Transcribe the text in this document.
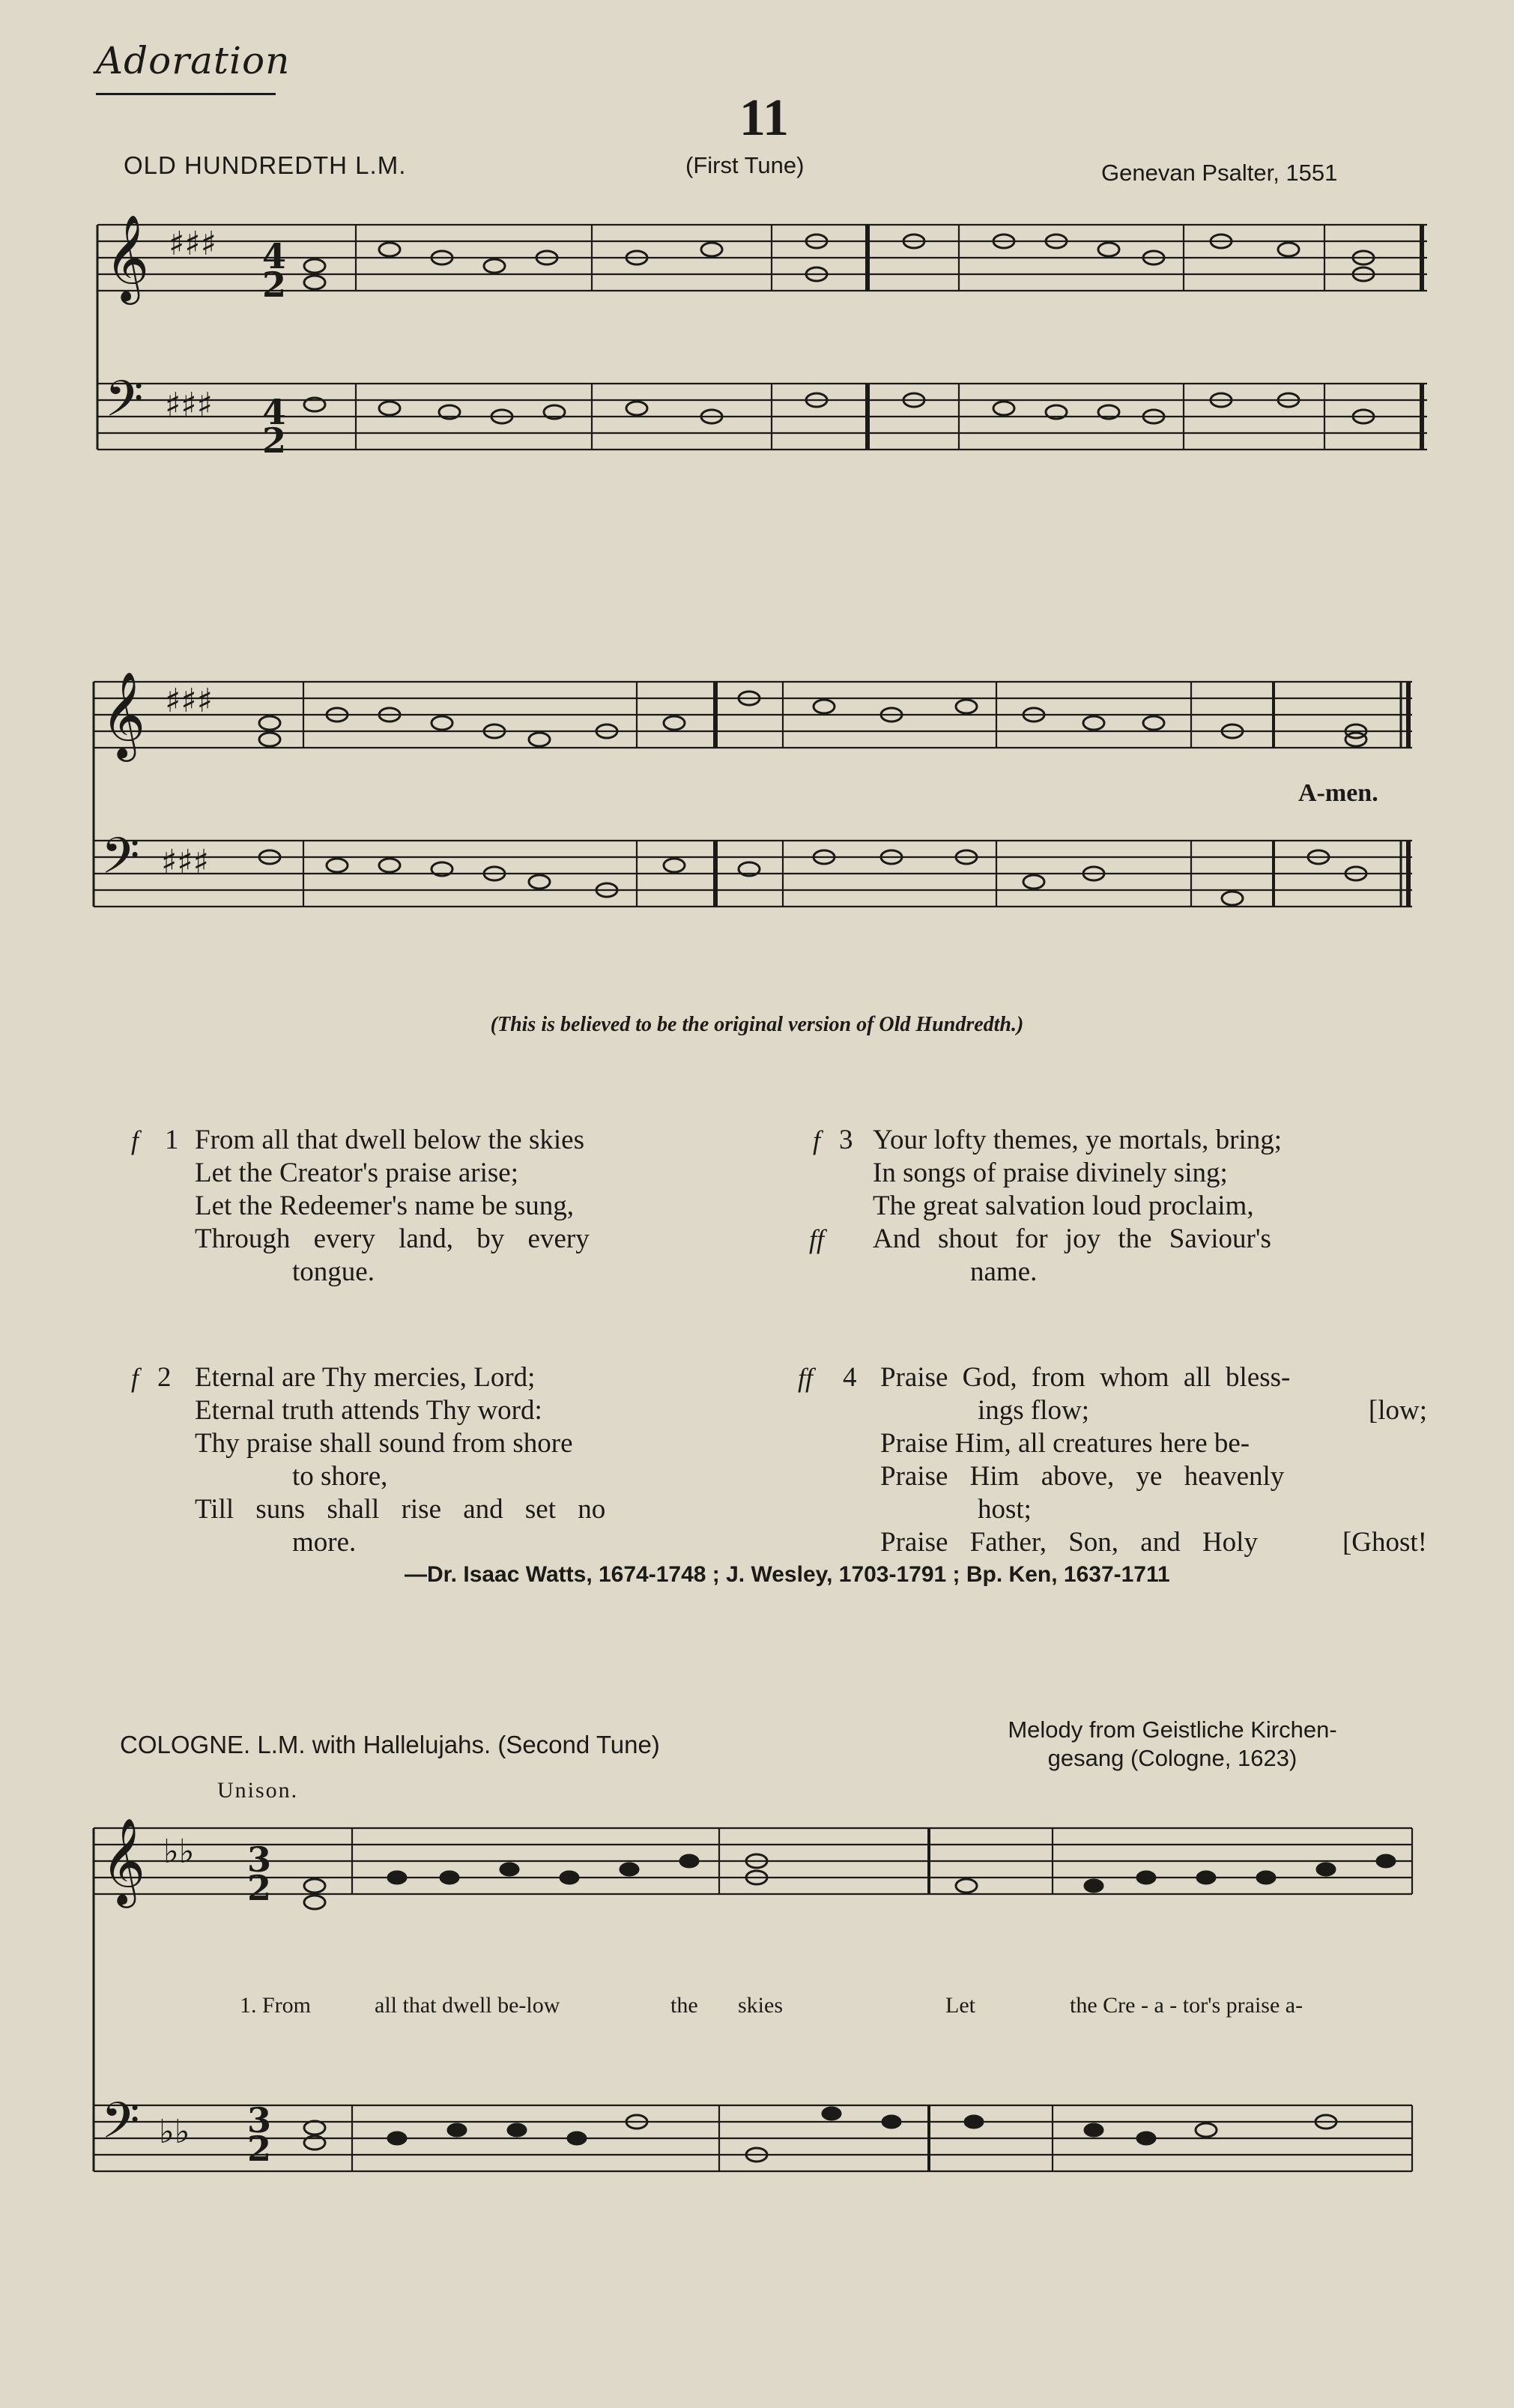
Adoration
11
OLD HUNDREDTH L.M.	(First Tune)	Genevan Psalter, 1551
𝄞
𝄢
♯♯♯
♯♯♯
4
2
4
2
𝄞
𝄢
♯♯♯
♯♯♯
A-men.
(This is believed to be the original version of Old Hundredth.)
f 1 From all that dwell below the skies
Let the Creator's praise arise;
Let the Redeemer's name be sung,
Through every land, by every
tongue.
f 2 Eternal are Thy mercies, Lord;
Eternal truth attends Thy word:
Thy praise shall sound from shore
to shore,
Till suns shall rise and set no
more.
f 3
ff
Your lofty themes, ye mortals, bring;
In songs of praise divinely sing;
The great salvation loud proclaim,
And shout for joy the Saviour's
name.
ff 4 Praise God, from whom all bless-
ings flow;	[low;
Praise Him, all creatures here be-
Praise Him above, ye heavenly
host;
[Ghost!
Praise Father, Son, and Holy
—Dr. Isaac Watts, 1674-1748 ; J. Wesley, 1703-1791 ; Bp. Ken, 1637-1711
COLOGNE. L.M. with Hallelujahs. (Second Tune)
Melody from Geistliche Kirchen-
gesang (Cologne, 1623)
Unison.
𝄞
𝄢
♭♭
♭♭
3
2
3
2
1. From	all that dwell be-low	the skies	Let	the Cre - a - tor's praise a-
